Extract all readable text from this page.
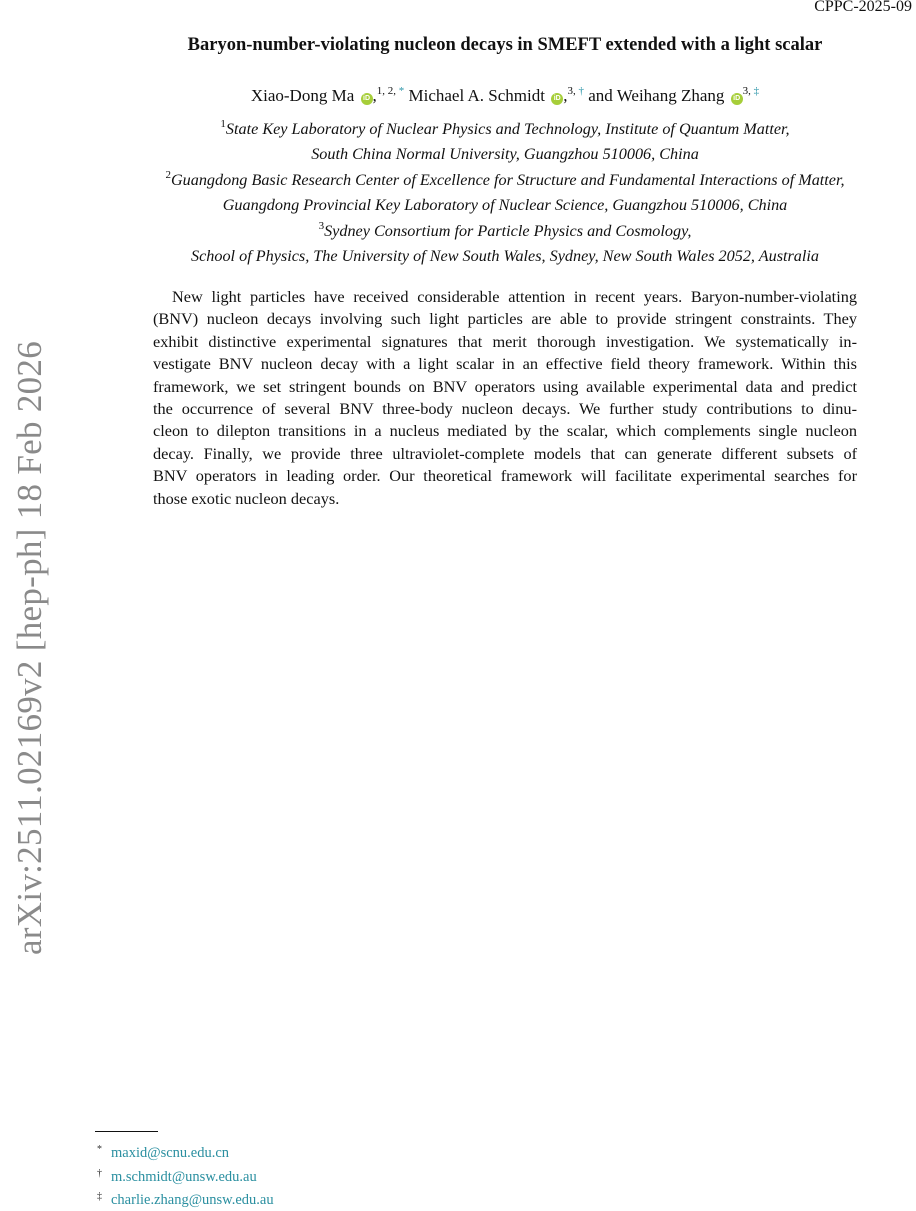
CPPC-2025-09
arXiv:2511.02169v2 [hep-ph] 18 Feb 2026
Baryon-number-violating nucleon decays in SMEFT extended with a light scalar
Xiao-Dong Ma iD ,$^{1, 2, *}$ Michael A. Schmidt iD ,$^{3, \dagger}$ and Weihang Zhang $iD^{3, \ddagger}$
$^1$State Key Laboratory of Nuclear Physics and Technology, Institute of Quantum Matter,
South China Normal University, Guangzhou 510006, China
$^2$Guangdong Basic Research Center of Excellence for Structure and Fundamental Interactions of Matter,
Guangdong Provincial Key Laboratory of Nuclear Science, Guangzhou 510006, China
$^3$Sydney Consortium for Particle Physics and Cosmology,
School of Physics, The University of New South Wales, Sydney, New South Wales 2052, Australia
New light particles have received considerable attention in recent years. Baryon-number-violating
(BNV) nucleon decays involving such light particles are able to provide stringent constraints. They
exhibit distinctive experimental signatures that merit thorough investigation. We systematically in-
vestigate BNV nucleon decay with a light scalar in an effective field theory framework. Within this
framework, we set stringent bounds on BNV operators using available experimental data and predict
the occurrence of several BNV three-body nucleon decays. We further study contributions to dinu-
cleon to dilepton transitions in a nucleus mediated by the scalar, which complements single nucleon
decay. Finally, we provide three ultraviolet-complete models that can generate different subsets of
BNV operators in leading order. Our theoretical framework will facilitate experimental searches for
those exotic nucleon decays.
* maxid@scnu.edu.cn
† m.schmidt@unsw.edu.au
‡ charlie.zhang@unsw.edu.au
